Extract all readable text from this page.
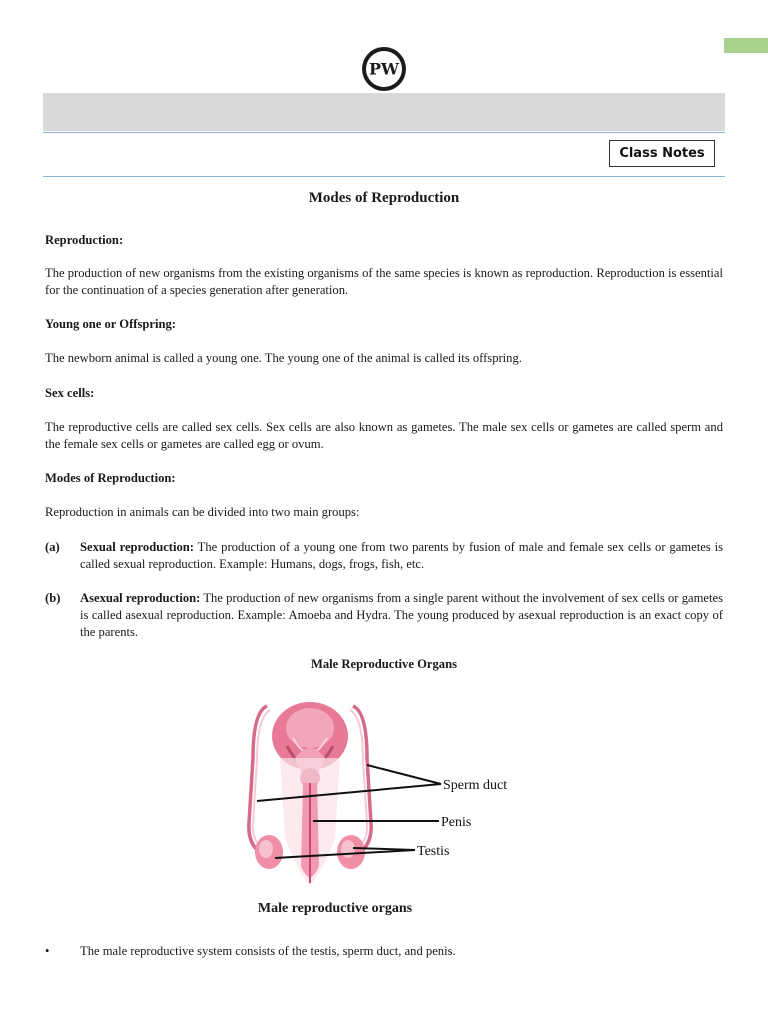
PW
Class Notes
Modes of Reproduction
Reproduction:
The production of new organisms from the existing organisms of the same species is known as reproduction. Reproduction is essential for the continuation of a species generation after generation.
Young one or Offspring:
The newborn animal is called a young one. The young one of the animal is called its offspring.
Sex cells:
The reproductive cells are called sex cells. Sex cells are also known as gametes. The male sex cells or gametes are called sperm and the female sex cells or gametes are called egg or ovum.
Modes of Reproduction:
Reproduction in animals can be divided into two main groups:
(a) Sexual reproduction: The production of a young one from two parents by fusion of male and female sex cells or gametes is called sexual reproduction. Example: Humans, dogs, frogs, fish, etc.
(b) Asexual reproduction: The production of new organisms from a single parent without the involvement of sex cells or gametes is called asexual reproduction. Example: Amoeba and Hydra. The young produced by asexual reproduction is an exact copy of the parents.
Male Reproductive Organs
Sperm duct
Penis
Testis
Male reproductive organs
• The male reproductive system consists of the testis, sperm duct, and penis.
